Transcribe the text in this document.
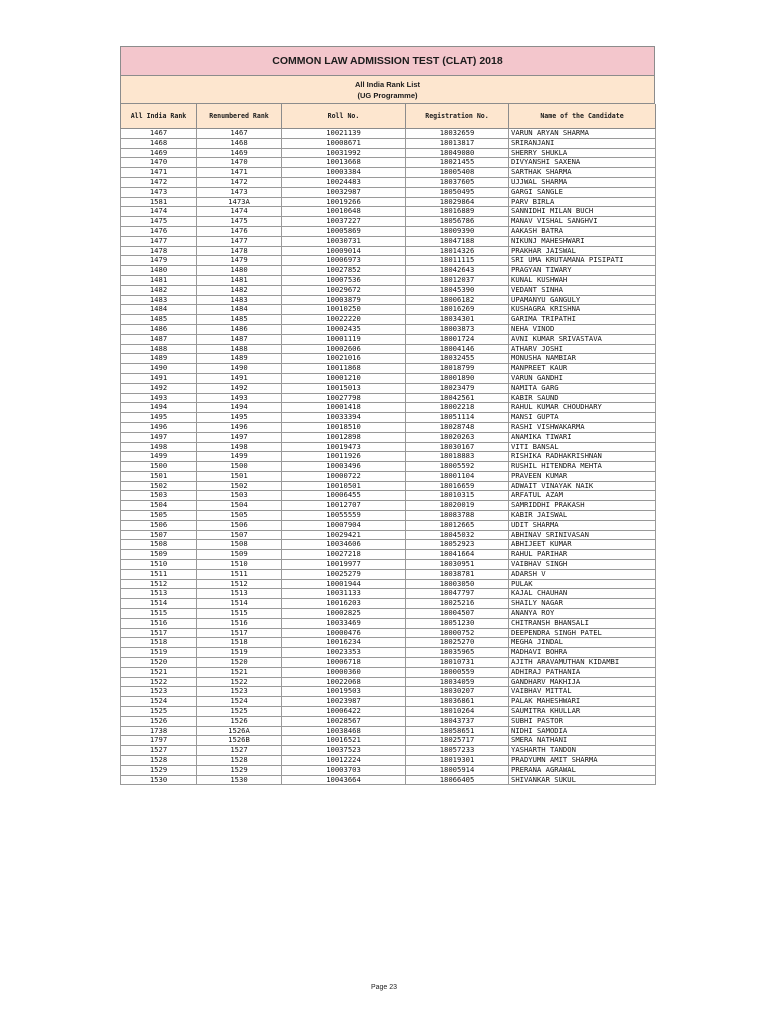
COMMON LAW ADMISSION TEST (CLAT) 2018
All India Rank List
(UG Programme)
All India Rank	Renumbered Rank	Roll No.	Registration No.	Name of the Candidate
1467	1467	10021139	18032659	VARUN ARYAN SHARMA
1468	1468	10008671	18013817	SRIRANJANI
1469	1469	10031992	18049080	SHERRY SHUKLA
1470	1470	10013668	18021455	DIVYANSHI SAXENA
1471	1471	10003384	18005408	SARTHAK SHARMA
1472	1472	10024483	18037605	UJJWAL SHARMA
1473	1473	10032987	18050495	GARGI SANGLE
1581	1473A	10019266	18029864	PARV BIRLA
1474	1474	10010648	18016889	SANNIDHI MILAN BUCH
1475	1475	10037227	18056786	MANAV VISHAL SANGHVI
1476	1476	10005869	18009390	AAKASH BATRA
1477	1477	10030731	18047188	NIKUNJ MAHESHWARI
1478	1478	10009014	18014326	PRAKHAR JAISWAL
1479	1479	10006973	18011115	SRI UMA KRUTAMANA PISIPATI
1480	1480	10027852	18042643	PRAGYAN TIWARY
1481	1481	10007536	18012037	KUNAL KUSHWAH
1482	1482	10029672	18045390	VEDANT SINHA
1483	1483	10003879	18006182	UPAMANYU GANGULY
1484	1484	10010250	18016269	KUSHAGRA KRISHNA
1485	1485	10022220	18034301	GARIMA TRIPATHI
1486	1486	10002435	18003873	NEHA VINOD
1487	1487	10001119	18001724	AVNI KUMAR SRIVASTAVA
1488	1488	10002606	18004146	ATHARV JOSHI
1489	1489	10021016	18032455	MONUSHA NAMBIAR
1490	1490	10011868	18018799	MANPREET KAUR
1491	1491	10001210	18001890	VARUN GANDHI
1492	1492	10015013	18023479	NAMITA GARG
1493	1493	10027798	18042561	KABIR SAUND
1494	1494	10001418	18002218	RAHUL KUMAR CHOUDHARY
1495	1495	10033394	18051114	MANSI GUPTA
1496	1496	10018510	18028748	RASHI VISHWAKARMA
1497	1497	10012898	18020263	ANAMIKA TIWARI
1498	1498	10019473	18030167	VITI BANSAL
1499	1499	10011926	18018883	RISHIKA RADHAKRISHNAN
1500	1500	10003496	18005592	RUSHIL HITENDRA MEHTA
1501	1501	10000722	18001104	PRAVEEN KUMAR
1502	1502	10010501	18016659	ADWAIT VINAYAK NAIK
1503	1503	10006455	18010315	ARFATUL AZAM
1504	1504	10012707	18020019	SAMRIDDHI PRAKASH
1505	1505	10055559	18083788	KABIR JAISWAL
1506	1506	10007904	18012665	UDIT SHARMA
1507	1507	10029421	18045032	ABHINAV SRINIVASAN
1508	1508	10034606	18052923	ABHIJEET KUMAR
1509	1509	10027218	18041664	RAHUL PARIHAR
1510	1510	10019977	18030951	VAIBHAV SINGH
1511	1511	10025279	18038781	ADARSH V
1512	1512	10001944	18003050	PULAK
1513	1513	10031133	18047797	KAJAL CHAUHAN
1514	1514	10016203	18025216	SHAILY NAGAR
1515	1515	10002825	18004507	ANANYA ROY
1516	1516	10033469	18051230	CHITRANSH BHANSALI
1517	1517	10000476	18000752	DEEPENDRA SINGH PATEL
1518	1518	10016234	18025270	MEGHA JINDAL
1519	1519	10023353	18035965	MADHAVI BOHRA
1520	1520	10006718	18010731	AJITH ARAVAMUTHAN KIDAMBI
1521	1521	10000360	18000559	ADHIRAJ PATHANIA
1522	1522	10022068	18034059	GANDHARV MAKHIJA
1523	1523	10019503	18030207	VAIBHAV MITTAL
1524	1524	10023987	18036861	PALAK MAHESHWARI
1525	1525	10006422	18010264	SAUMITRA KHULLAR
1526	1526	10028567	18043737	SUBHI PASTOR
1738	1526A	10038468	18058651	NIDHI SAMODIA
1797	1526B	10016521	18025717	SMERA NATHANI
1527	1527	10037523	18057233	YASHARTH TANDON
1528	1528	10012224	18019301	PRADYUMN AMIT SHARMA
1529	1529	10003703	18005914	PRERANA AGRAWAL
1530	1530	10043664	18066405	SHIVANKAR SUKUL
Page 23
